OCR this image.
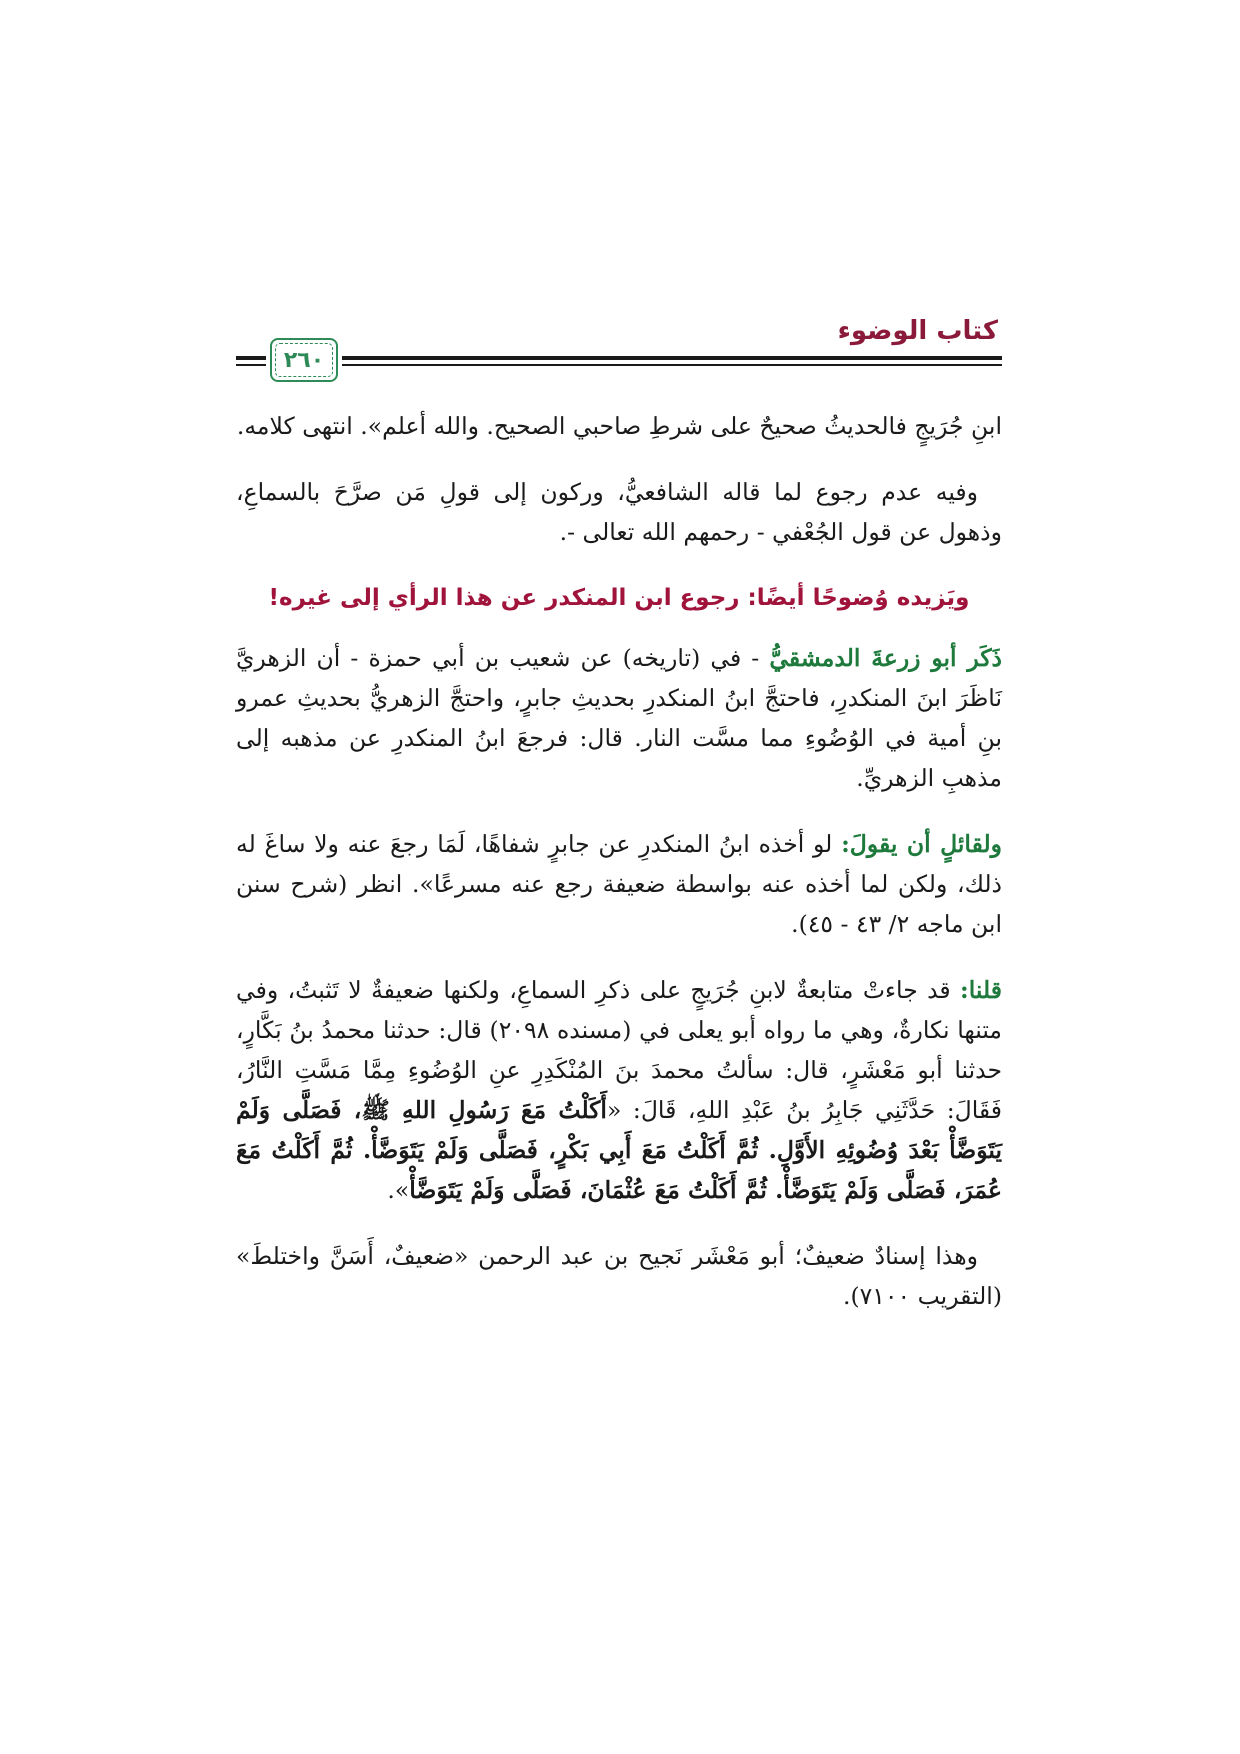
كتاب الوضوء
٢٦٠

ابنِ جُرَيجٍ فالحديثُ صحيحٌ على شرطِ صاحبي الصحيح. والله أعلم». انتهى كلامه.

وفيه عدم رجوع لما قاله الشافعيُّ، وركون إلى قولِ مَن صرَّحَ بالسماعِ، وذهول عن قول الجُعْفي - رحمهم الله تعالى -.

ويَزيده وُضوحًا أيضًا: رجوع ابن المنكدر عن هذا الرأي إلى غيره!

ذَكَر أبو زرعةَ الدمشقيُّ - في (تاريخه) عن شعيب بن أبي حمزة - أن الزهريَّ نَاظَرَ ابنَ المنكدرِ، فاحتجَّ ابنُ المنكدرِ بحديثِ جابرٍ، واحتجَّ الزهريُّ بحديثِ عمرو بنِ أمية في الوُضُوءِ مما مسَّت النار. قال: فرجعَ ابنُ المنكدرِ عن مذهبه إلى مذهبِ الزهريِّ.

ولقائلٍ أن يقولَ: لو أخذه ابنُ المنكدرِ عن جابرٍ شفاهًا، لَمَا رجعَ عنه ولا ساغَ له ذلك، ولكن لما أخذه عنه بواسطة ضعيفة رجع عنه مسرعًا». انظر (شرح سنن ابن ماجه ٢/ ٤٣ - ٤٥).

قلنا: قد جاءتْ متابعةٌ لابنِ جُرَيجٍ على ذكرِ السماعِ، ولكنها ضعيفةٌ لا تَثبتُ، وفي متنها نكارةٌ، وهي ما رواه أبو يعلى في (مسنده ٢٠٩٨) قال: حدثنا محمدُ بنُ بَكَّارٍ، حدثنا أبو مَعْشَرٍ، قال: سألتُ محمدَ بنَ المُنْكَدِرِ عنِ الوُضُوءِ مِمَّا مَسَّتِ النَّارُ، فَقَالَ: حَدَّثَنِي جَابِرُ بنُ عَبْدِ اللهِ، قَالَ: «أَكَلْتُ مَعَ رَسُولِ اللهِ ﷺ، فَصَلَّى وَلَمْ يَتَوَضَّأْ بَعْدَ وُضُوئِهِ الأَوَّلِ. ثُمَّ أَكَلْتُ مَعَ أَبِي بَكْرٍ، فَصَلَّى وَلَمْ يَتَوَضَّأْ. ثُمَّ أَكَلْتُ مَعَ عُمَرَ، فَصَلَّى وَلَمْ يَتَوَضَّأْ. ثُمَّ أَكَلْتُ مَعَ عُثْمَانَ، فَصَلَّى وَلَمْ يَتَوَضَّأْ».

وهذا إسنادٌ ضعيفٌ؛ أبو مَعْشَر نَجيح بن عبد الرحمن «ضعيفٌ، أَسَنَّ واختلطَ» (التقريب ٧١٠٠).
